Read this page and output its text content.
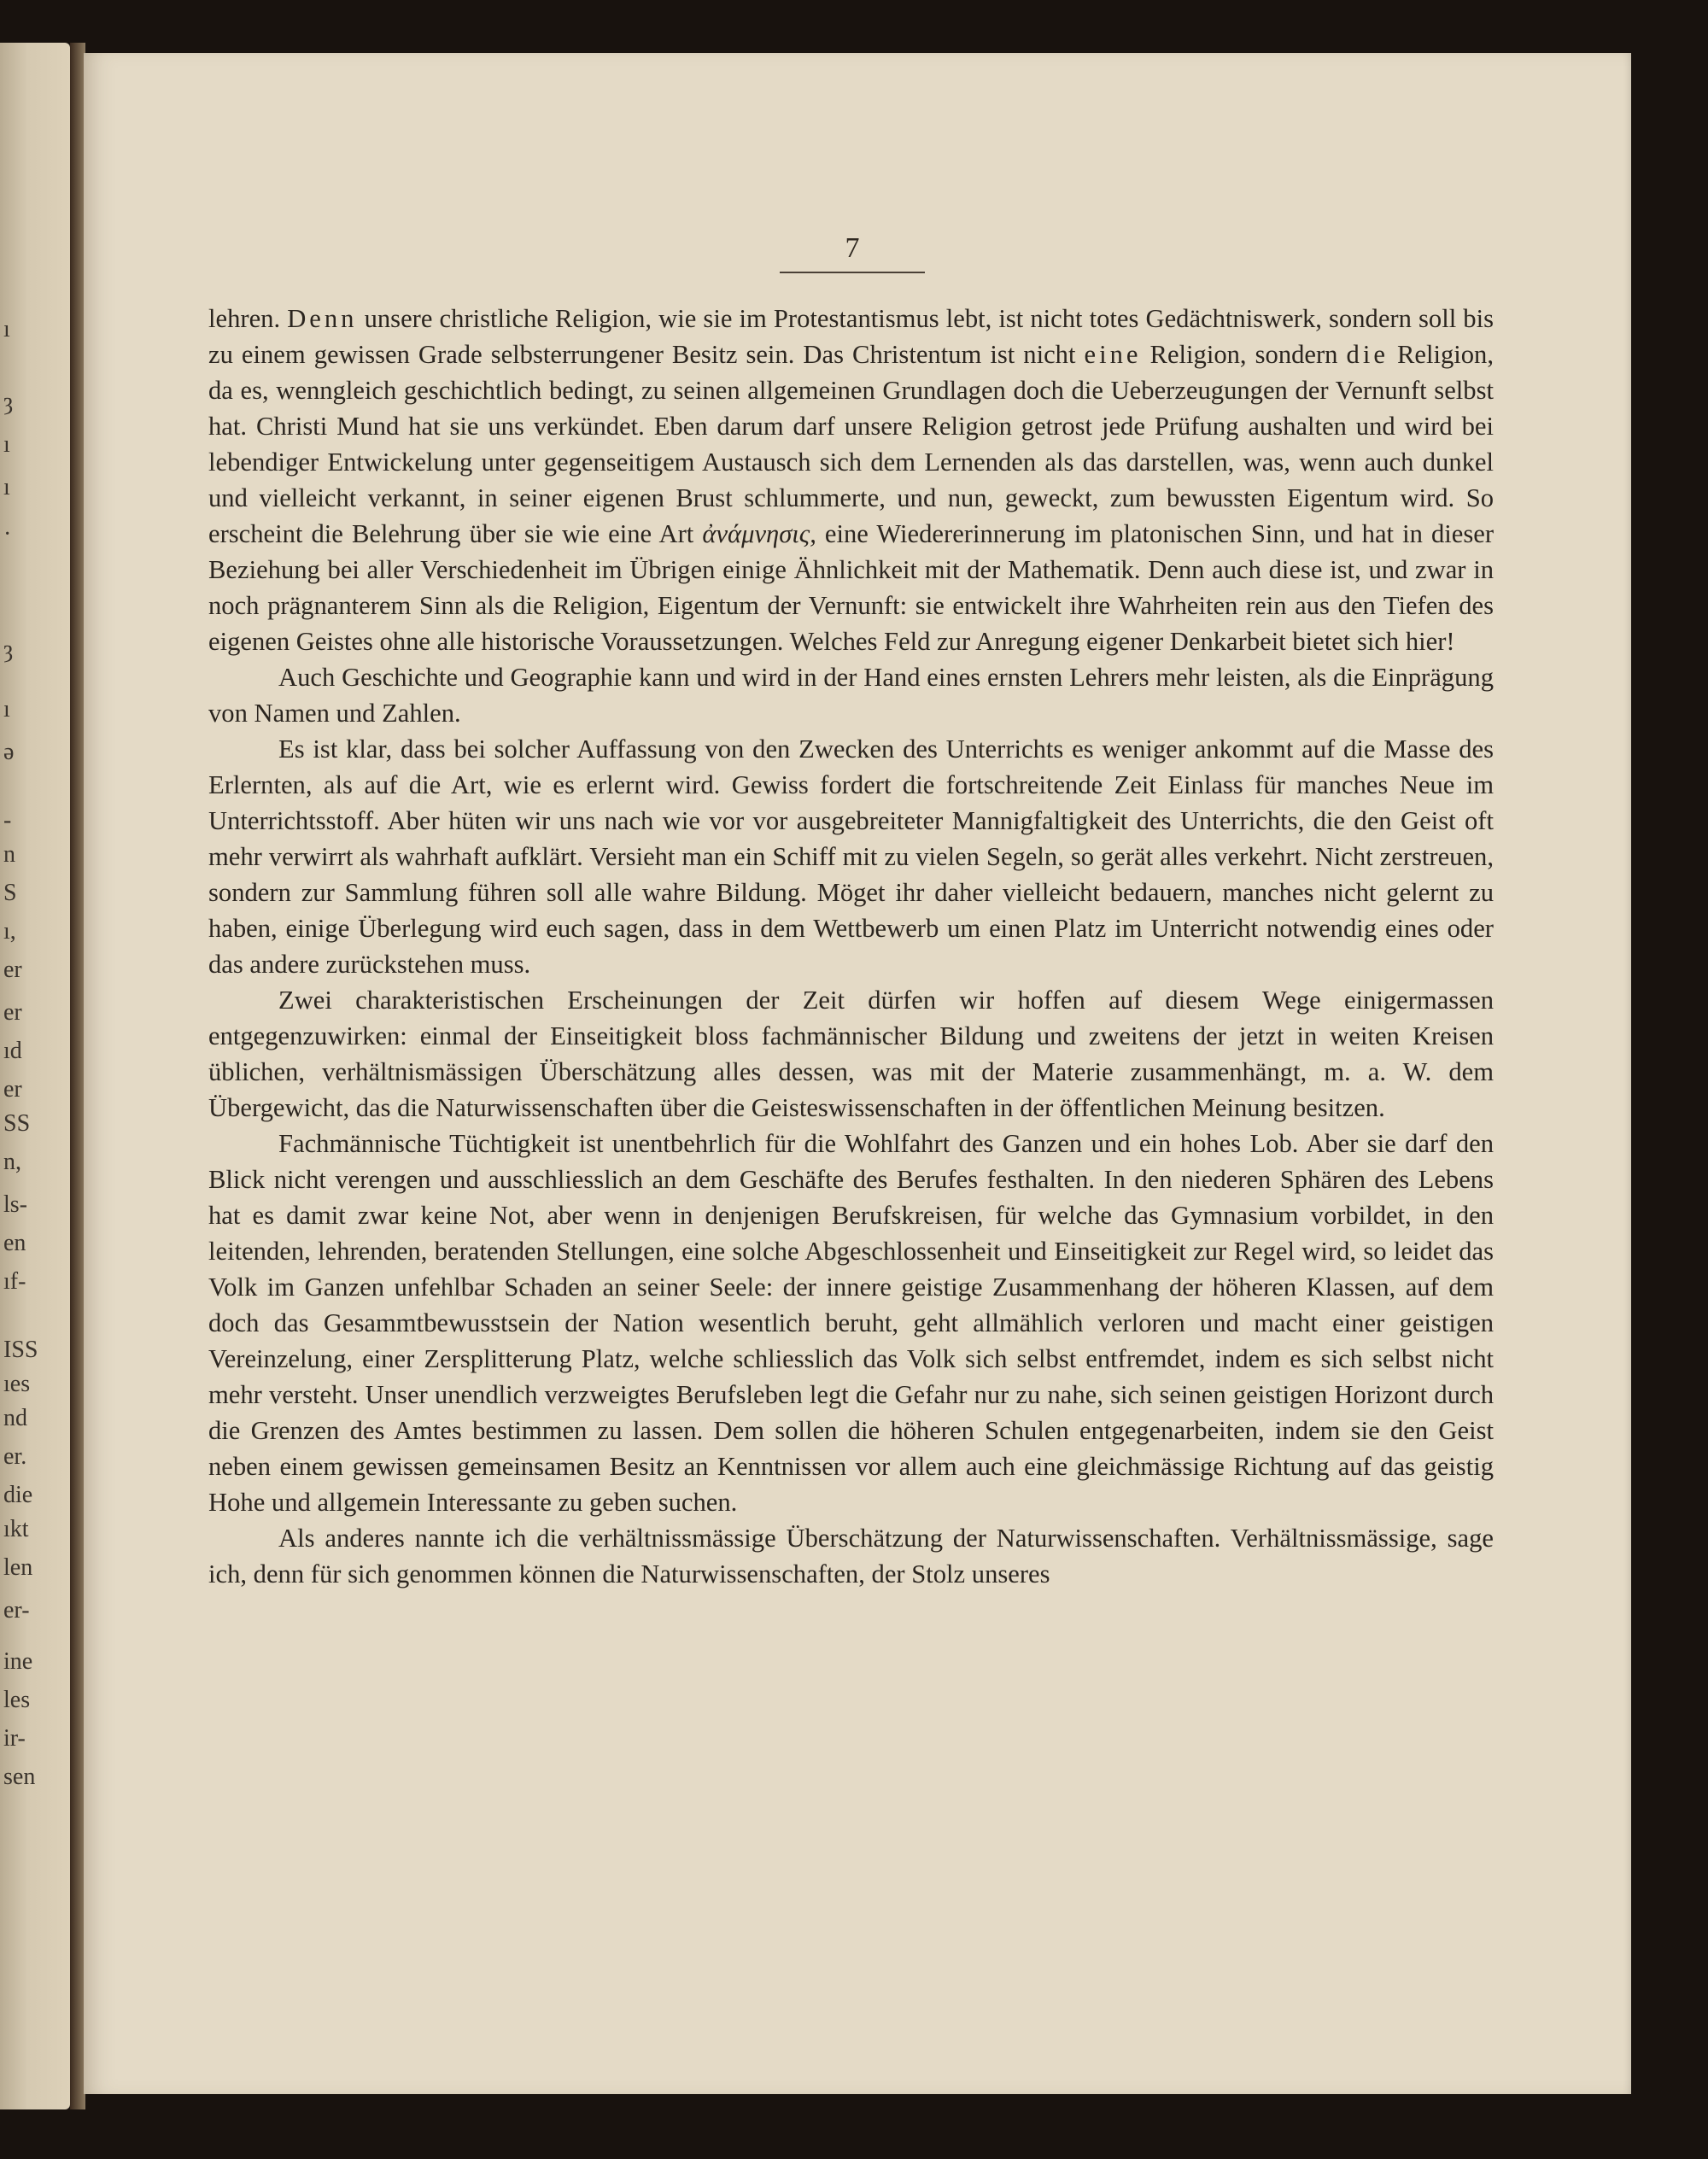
ı
ȝ
ı
ı
·
ȝ
ı
ə
-
n
S
ı,
er
er
ıd
er
SS
n,
ls-
en
ıf-
ISS
ıes
nd
er.
die
ıkt
len
er-
ine
les
ir-
sen
7

lehren. Denn unsere christliche Religion, wie sie im Protestantismus lebt, ist nicht totes Gedächtniswerk, sondern soll bis zu einem gewissen Grade selbsterrungener Besitz sein. Das Christentum ist nicht eine Religion, sondern die Religion, da es, wenngleich geschichtlich bedingt, zu seinen allgemeinen Grundlagen doch die Ueberzeugungen der Vernunft selbst hat. Christi Mund hat sie uns verkündet. Eben darum darf unsere Religion getrost jede Prüfung aushalten und wird bei lebendiger Entwickelung unter gegenseitigem Austausch sich dem Lernenden als das darstellen, was, wenn auch dunkel und vielleicht verkannt, in seiner eigenen Brust schlummerte, und nun, geweckt, zum bewussten Eigentum wird. So erscheint die Belehrung über sie wie eine Art ἀνάμνησις, eine Wiedererinnerung im platonischen Sinn, und hat in dieser Beziehung bei aller Verschiedenheit im Übrigen einige Ähnlichkeit mit der Mathematik. Denn auch diese ist, und zwar in noch prägnanterem Sinn als die Religion, Eigentum der Vernunft: sie entwickelt ihre Wahrheiten rein aus den Tiefen des eigenen Geistes ohne alle historische Voraussetzungen. Welches Feld zur Anregung eigener Denkarbeit bietet sich hier!

Auch Geschichte und Geographie kann und wird in der Hand eines ernsten Lehrers mehr leisten, als die Einprägung von Namen und Zahlen.

Es ist klar, dass bei solcher Auffassung von den Zwecken des Unterrichts es weniger ankommt auf die Masse des Erlernten, als auf die Art, wie es erlernt wird. Gewiss fordert die fortschreitende Zeit Einlass für manches Neue im Unterrichtsstoff. Aber hüten wir uns nach wie vor vor ausgebreiteter Mannigfaltigkeit des Unterrichts, die den Geist oft mehr verwirrt als wahrhaft aufklärt. Versieht man ein Schiff mit zu vielen Segeln, so gerät alles verkehrt. Nicht zerstreuen, sondern zur Sammlung führen soll alle wahre Bildung. Möget ihr daher vielleicht bedauern, manches nicht gelernt zu haben, einige Überlegung wird euch sagen, dass in dem Wettbewerb um einen Platz im Unterricht notwendig eines oder das andere zurückstehen muss.

Zwei charakteristischen Erscheinungen der Zeit dürfen wir hoffen auf diesem Wege einigermassen entgegenzuwirken: einmal der Einseitigkeit bloss fachmännischer Bildung und zweitens der jetzt in weiten Kreisen üblichen, verhältnismässigen Überschätzung alles dessen, was mit der Materie zusammenhängt, m. a. W. dem Übergewicht, das die Naturwissenschaften über die Geisteswissenschaften in der öffentlichen Meinung besitzen.

Fachmännische Tüchtigkeit ist unentbehrlich für die Wohlfahrt des Ganzen und ein hohes Lob. Aber sie darf den Blick nicht verengen und ausschliesslich an dem Geschäfte des Berufes festhalten. In den niederen Sphären des Lebens hat es damit zwar keine Not, aber wenn in denjenigen Berufskreisen, für welche das Gymnasium vorbildet, in den leitenden, lehrenden, beratenden Stellungen, eine solche Abgeschlossenheit und Einseitigkeit zur Regel wird, so leidet das Volk im Ganzen unfehlbar Schaden an seiner Seele: der innere geistige Zusammenhang der höheren Klassen, auf dem doch das Gesammtbewusstsein der Nation wesentlich beruht, geht allmählich verloren und macht einer geistigen Vereinzelung, einer Zersplitterung Platz, welche schliesslich das Volk sich selbst entfremdet, indem es sich selbst nicht mehr versteht. Unser unendlich verzweigtes Berufsleben legt die Gefahr nur zu nahe, sich seinen geistigen Horizont durch die Grenzen des Amtes bestimmen zu lassen. Dem sollen die höheren Schulen entgegenarbeiten, indem sie den Geist neben einem gewissen gemeinsamen Besitz an Kenntnissen vor allem auch eine gleichmässige Richtung auf das geistig Hohe und allgemein Interessante zu geben suchen.

Als anderes nannte ich die verhältnissmässige Überschätzung der Naturwissenschaften. Verhältnissmässige, sage ich, denn für sich genommen können die Naturwissenschaften, der Stolz unseres
